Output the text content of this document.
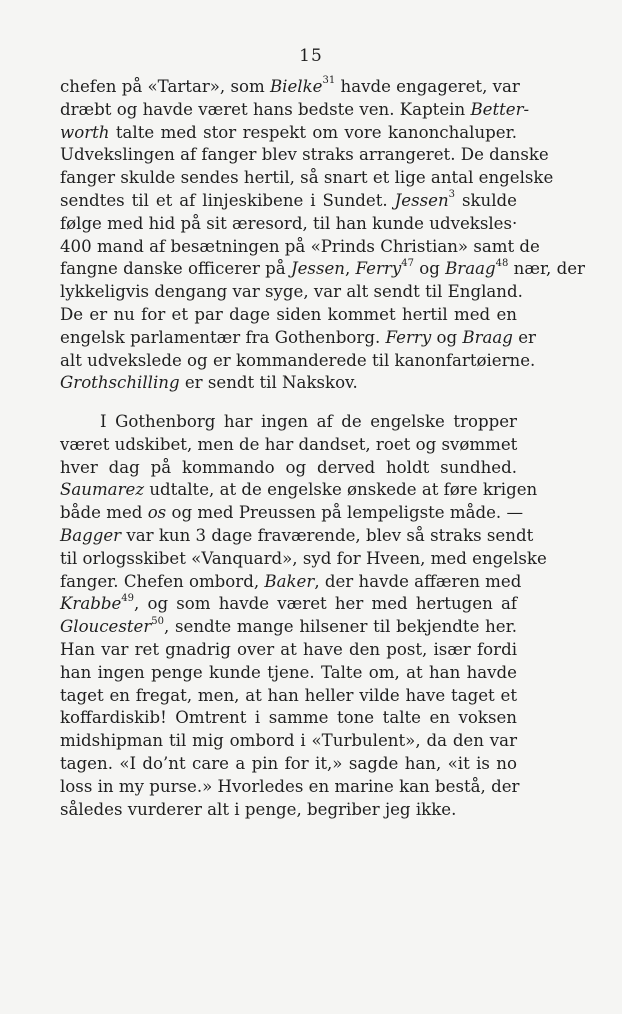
15
chefen på «Tartar», som Bielke$^{31}$ havde engageret, var
dræbt og havde været hans bedste ven. Kaptein Better-
worth talte med stor respekt om vore kanonchaluper.
Udvekslingen af fanger blev straks arrangeret. De danske
fanger skulde sendes hertil, så snart et lige antal engelske
sendtes til et af linjeskibene i Sundet. Jessen$^3$ skulde
følge med hid på sit æresord, til han kunde udveksles·
400 mand af besætningen på «Prinds Christian» samt de
fangne danske officerer på Jessen, Ferry$^{47}$ og Braag$^{48}$ nær, der
lykkeligvis dengang var syge, var alt sendt til England.
De er nu for et par dage siden kommet hertil med en
engelsk parlamentær fra Gothenborg. Ferry og Braag er
alt udvekslede og er kommanderede til kanonfartøierne.
Grothschilling er sendt til Nakskov.
I Gothenborg har ingen af de engelske tropper
været udskibet, men de har dandset, roet og svømmet
hver dag på kommando og derved holdt sundhed.
Saumarez udtalte, at de engelske ønskede at føre krigen
både med os og med Preussen på lempeligste måde. —
Bagger var kun 3 dage fraværende, blev så straks sendt
til orlogsskibet «Vanquard», syd for Hveen, med engelske
fanger. Chefen ombord, Baker, der havde affæren med
Krabbe$^{49}$, og som havde været her med hertugen af
Gloucester$^{50}$, sendte mange hilsener til bekjendte her.
Han var ret gnadrig over at have den post, især fordi
han ingen penge kunde tjene. Talte om, at han havde
taget en fregat, men, at han heller vilde have taget et
koffardiskib! Omtrent i samme tone talte en voksen
midshipman til mig ombord i «Turbulent», da den var
tagen. «I do’nt care a pin for it,» sagde han, «it is no
loss in my purse.» Hvorledes en marine kan bestå, der
således vurderer alt i penge, begriber jeg ikke.
